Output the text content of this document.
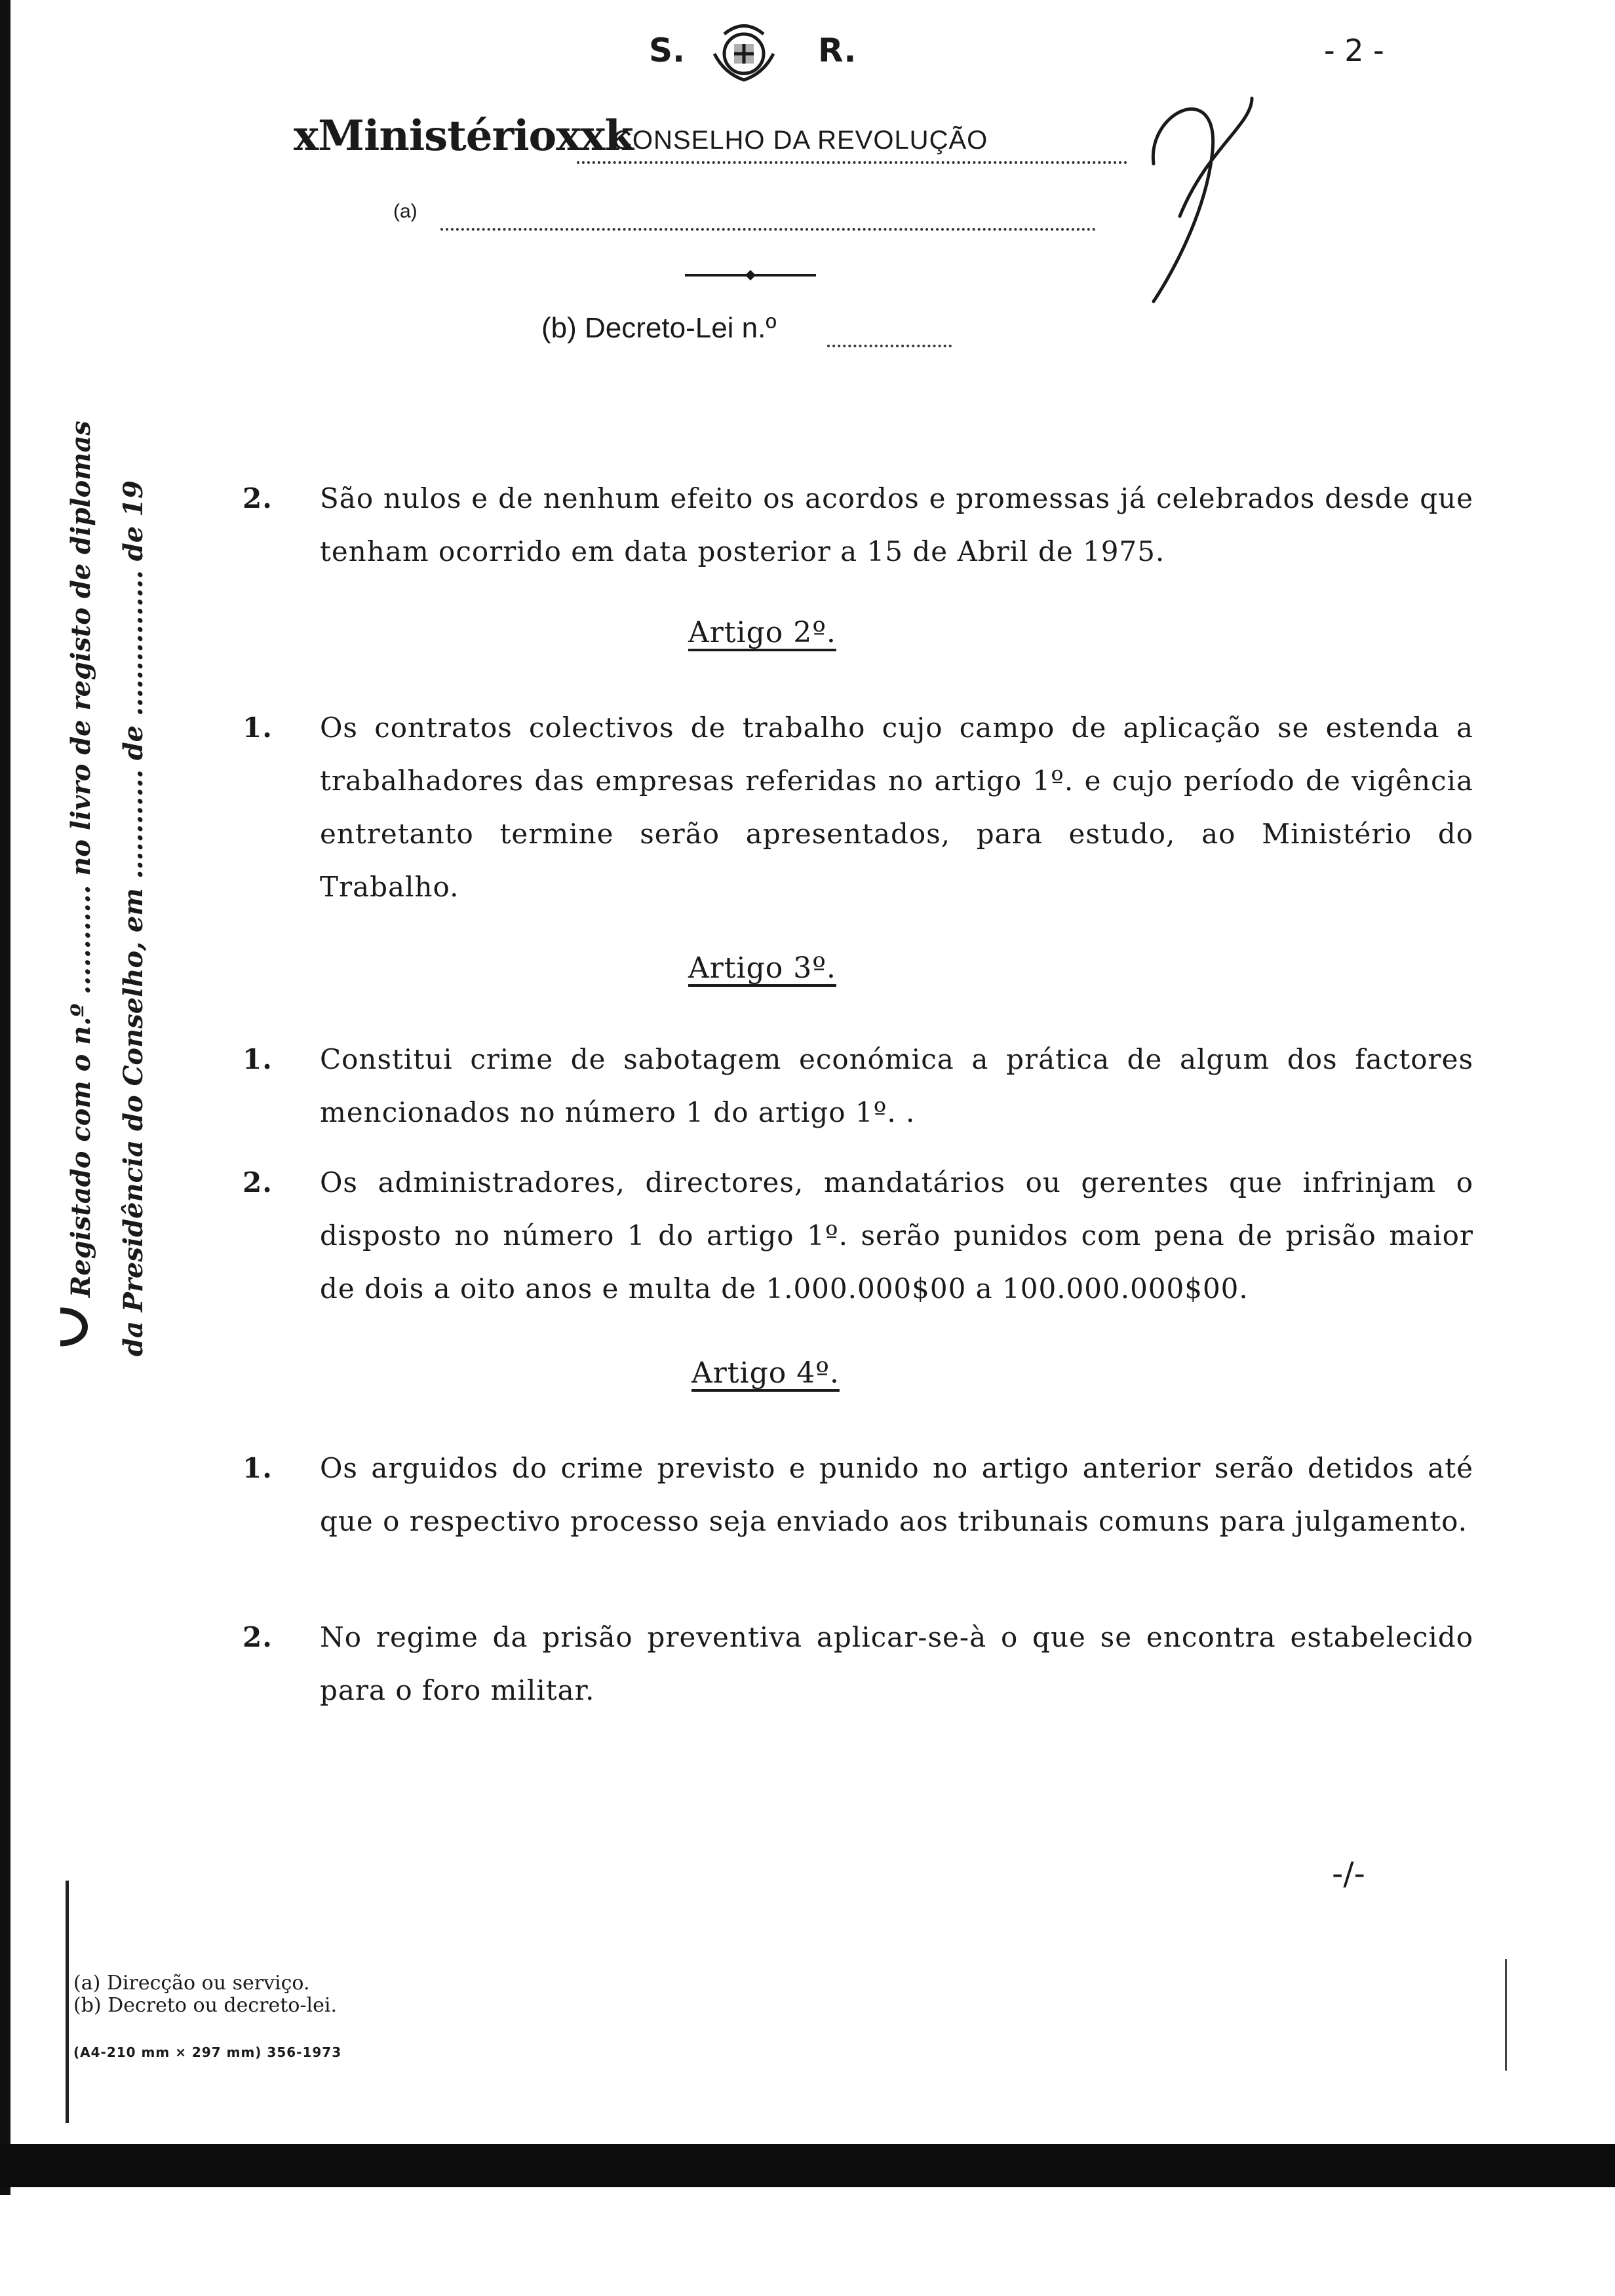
S.	R.	- 2 -
xMinistérioxxk
CONSELHO DA REVOLUÇÃO
(a)
(b) Decreto-Lei n.º
Registado com o n.º ............ no livro de registo de diplomas da Presidência do Conselho, em ............ de ................ de 19	2. São nulos e de nenhum efeito os acordos e promessas já celebrados desde que tenham ocorrido em data posterior a 15 de Abril de 1975.
Artigo 2º.
1. Os contratos colectivos de trabalho cujo campo de aplicação se estenda a trabalhadores das empresas referidas no artigo 1º. e cujo período de vigência entretanto termine serão apresentados, para estudo, ao Ministério do Trabalho.
Artigo 3º.
1. Constitui crime de sabotagem económica a prática de algum dos factores mencionados no número 1 do artigo 1º. .
2. Os administradores, directores, mandatários ou gerentes que infrinjam o disposto no número 1 do artigo 1º. serão punidos com pena de prisão maior de dois a oito anos e multa de 1.000.000$00 a 100.000.000$00.
Artigo 4º.
1. Os arguidos do crime previsto e punido no artigo anterior serão detidos até que o respectivo processo seja enviado aos tribunais comuns para julgamento.
2. No regime da prisão preventiva aplicar-se-à o que se encontra estabelecido para o foro militar.
-/-
(a) Direcção ou serviço.
(b) Decreto ou decreto-lei.
(A4-210 mm × 297 mm) 356-1973
